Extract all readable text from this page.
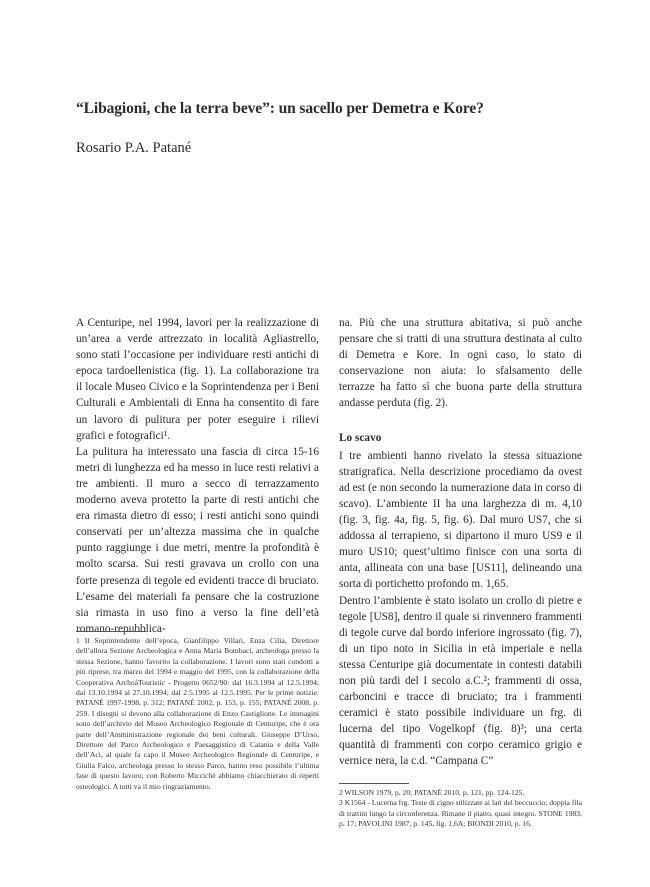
“Libagioni, che la terra beve”: un sacello per Demetra e Kore?
Rosario P.A. Patané

A Centuripe, nel 1994, lavori per la realizzazione di un’area a verde attrezzato in località Agliastrello, sono stati l’occasione per individuare resti antichi di epoca tardoellenistica (fig. 1). La collaborazione tra il locale Museo Civico e la Soprintendenza per i Beni Culturali e Ambientali di Enna ha consentito di fare un lavoro di pulitura per poter eseguire i rilievi grafici e fotografici¹.

La pulitura ha interessato una fascia di circa 15-16 metri di lunghezza ed ha messo in luce resti relativi a tre ambienti. Il muro a secco di terrazzamento moderno aveva protetto la parte di resti antichi che era rimasta dietro di esso; i resti antichi sono quindi conservati per un’altezza massima che in qualche punto raggiunge i due metri, mentre la profondità è molto scarsa. Sui resti gravava un crollo con una forte presenza di tegole ed evidenti tracce di bruciato. L’esame dei materiali fa pensare che la costruzione sia rimasta in uso fino a verso la fine dell’età romano-repubblica-

na. Più che una struttura abitativa, si può anche pensare che si tratti di una struttura destinata al culto di Demetra e Kore. In ogni caso, lo stato di conservazione non aiuta: lo sfalsamento delle terrazze ha fatto sì che buona parte della struttura andasse perduta (fig. 2).

Lo scavo

I tre ambienti hanno rivelato la stessa situazione stratigrafica. Nella descrizione procediamo da ovest ad est (e non secondo la numerazione data in corso di scavo). L’ambiente II ha una larghezza di m. 4,10 (fig. 3, fig. 4a, fig. 5, fig. 6). Dal muro US7, che si addossa al terrapieno, si dipartono il muro US9 e il muro US10; quest’ultimo finisce con una sorta di anta, allineata con una base [US11], delineando una sorta di portichetto profondo m. 1,65.

Dentro l’ambiente è stato isolato un crollo di pietre e tegole [US8], dentro il quale si rinvennero frammenti di tegole curve dal bordo inferiore ingrossato (fig. 7), di un tipo noto in Sicilia in età imperiale e nella stessa Centuripe già documentate in contesti databili non più tardi del I secolo a.C.²; frammenti di ossa, carboncini e tracce di bruciato; tra i frammenti ceramici è stato possibile individuare un frg. di lucerna del tipo Vogelkopf (fig. 8)³; una certa quantità di frammenti con corpo ceramico grigio e vernice nera, la c.d. “Campana C”

1 Il Soprintendente dell’epoca, Gianfilippo Villari, Enza Cilia, Direttore dell’allora Sezione Archeologica e Anna Maria Bombaci, archeologa presso la stessa Sezione, hanno favorito la collaborazione. I lavori sono stati condotti a più riprese, tra marzo del 1994 e maggio del 1995, con la collaborazione della Cooperativa ArchoåTouristic - Progetto 0652/90: dal 16.3.1994 al 12.5.1994; dal 13.10.1994 al 27.10.1994; dal 2.5.1995 al 12.5.1995. Per le prime notizie: PATANÉ 1997-1998, p. 312; PATANÉ 2002, p. 153, p. 155; PATANÉ 2008, p. 259. I disegni si devono alla collaborazione di Enzo Castiglione. Le immagini sono dell’archivio del Museo Archeologico Regionale di Centuripe, che è ora parte dell’Amministrazione regionale dei beni culturali. Giuseppe D’Urso, Direttore del Parco Archeologico e Paesaggistico di Catania e della Valle dell’Aci, al quale fa capo il Museo Archeologico Regionale di Centuripe, e Giulia Falco, archeologa presso lo stesso Parco, hanno reso possibile l’ultima fase di questo lavoro; con Roberto Miccichè abbiamo chiacchierato di reperti osteologici. A tutti va il mio ringraziamento.

2 WILSON 1979, p. 20; PATANÉ 2010, p. 121, pp. 124-125.

3 K1564 - Lucerna frg. Teste di cigno stilizzate ai lati del beccuccio; doppia fila di trattini lungo la circonferenza. Rimane il piatto, quasi integro. STONE 1983, p. 17; PAVOLINI 1987, p. 145, fig. 1,6A; BIONDI 2010, p. 16.
